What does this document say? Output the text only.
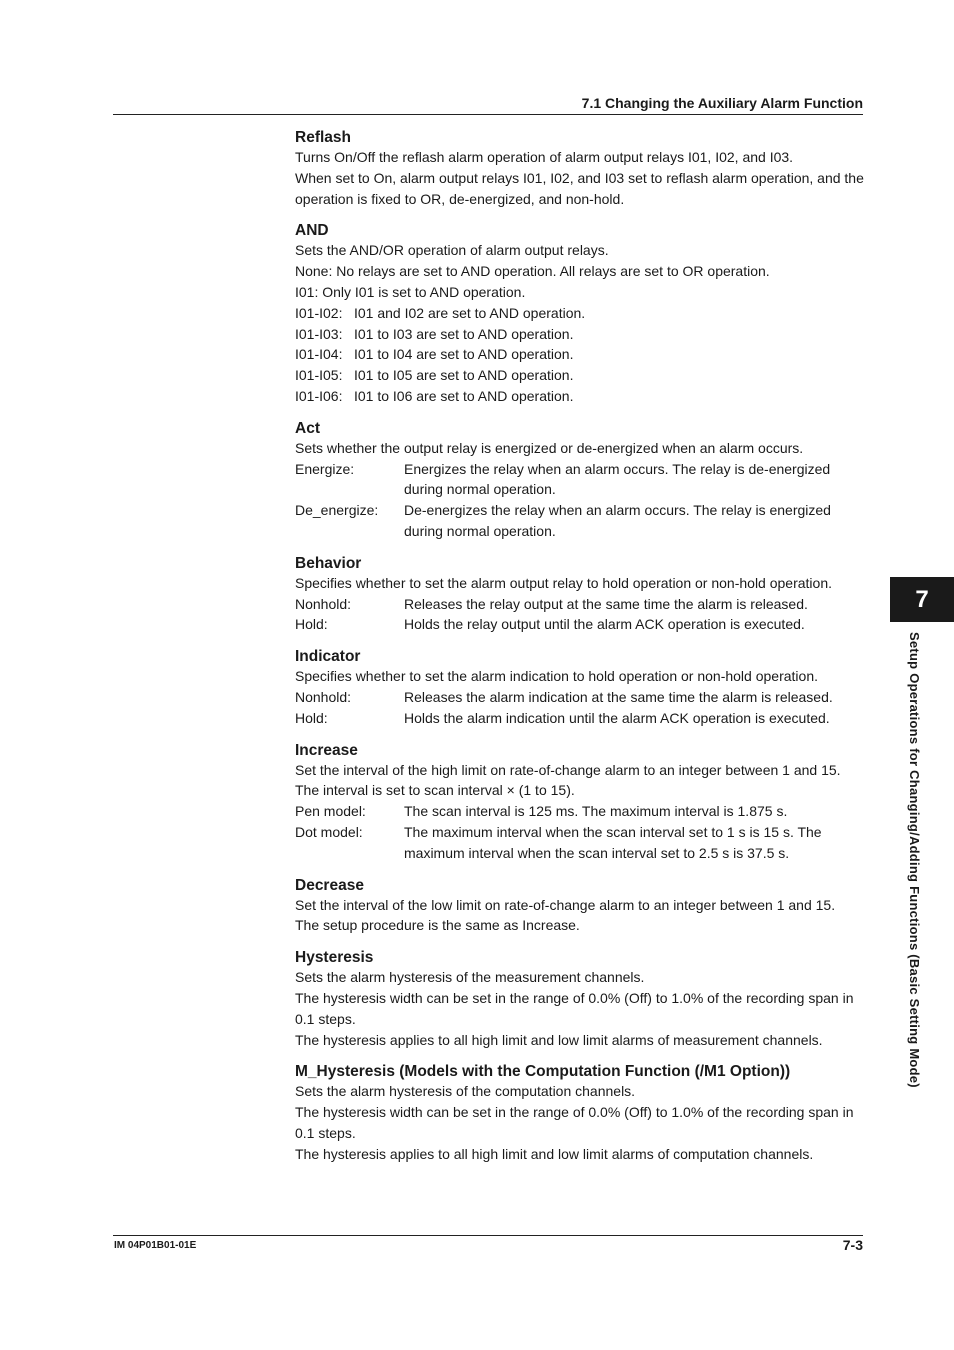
7.1 Changing the Auxiliary Alarm Function
Reflash

Turns On/Off the reflash alarm operation of alarm output relays I01, I02, and I03.

When set to On, alarm output relays I01, I02, and I03 set to reflash alarm operation, and the operation is fixed to OR, de-energized, and non-hold.

AND

Sets the AND/OR operation of alarm output relays.

None: No relays are set to AND operation. All relays are set to OR operation.

I01: Only I01 is set to AND operation.

I01-I02: I01 and I02 are set to AND operation.
I01-I03: I01 to I03 are set to AND operation.
I01-I04: I01 to I04 are set to AND operation.
I01-I05: I01 to I05 are set to AND operation.
I01-I06: I01 to I06 are set to AND operation.
Act

Sets whether the output relay is energized or de-energized when an alarm occurs.

Energize:	Energizes the relay when an alarm occurs. The relay is de-energized during normal operation.
De_energize:	De-energizes the relay when an alarm occurs. The relay is energized during normal operation.
Behavior

Specifies whether to set the alarm output relay to hold operation or non-hold operation.

Nonhold:	Releases the relay output at the same time the alarm is released.
Hold:	Holds the relay output until the alarm ACK operation is executed.
Indicator

Specifies whether to set the alarm indication to hold operation or non-hold operation.

Nonhold:	Releases the alarm indication at the same time the alarm is released.
Hold:	Holds the alarm indication until the alarm ACK operation is executed.
Increase

Set the interval of the high limit on rate-of-change alarm to an integer between 1 and 15.

The interval is set to scan interval × (1 to 15).

Pen model:	The scan interval is 125 ms. The maximum interval is 1.875 s.
Dot model:	The maximum interval when the scan interval set to 1 s is 15 s. The maximum interval when the scan interval set to 2.5 s is 37.5 s.
Decrease

Set the interval of the low limit on rate-of-change alarm to an integer between 1 and 15.

The setup procedure is the same as Increase.

Hysteresis

Sets the alarm hysteresis of the measurement channels.

The hysteresis width can be set in the range of 0.0% (Off) to 1.0% of the recording span in 0.1 steps.

The hysteresis applies to all high limit and low limit alarms of measurement channels.

M_Hysteresis (Models with the Computation Function (/M1 Option))

Sets the alarm hysteresis of the computation channels.

The hysteresis width can be set in the range of 0.0% (Off) to 1.0% of the recording span in 0.1 steps.

The hysteresis applies to all high limit and low limit alarms of computation channels.

7
Setup Operations for Changing/Adding Functions (Basic Setting Mode)
IM 04P01B01-01E	7-3
